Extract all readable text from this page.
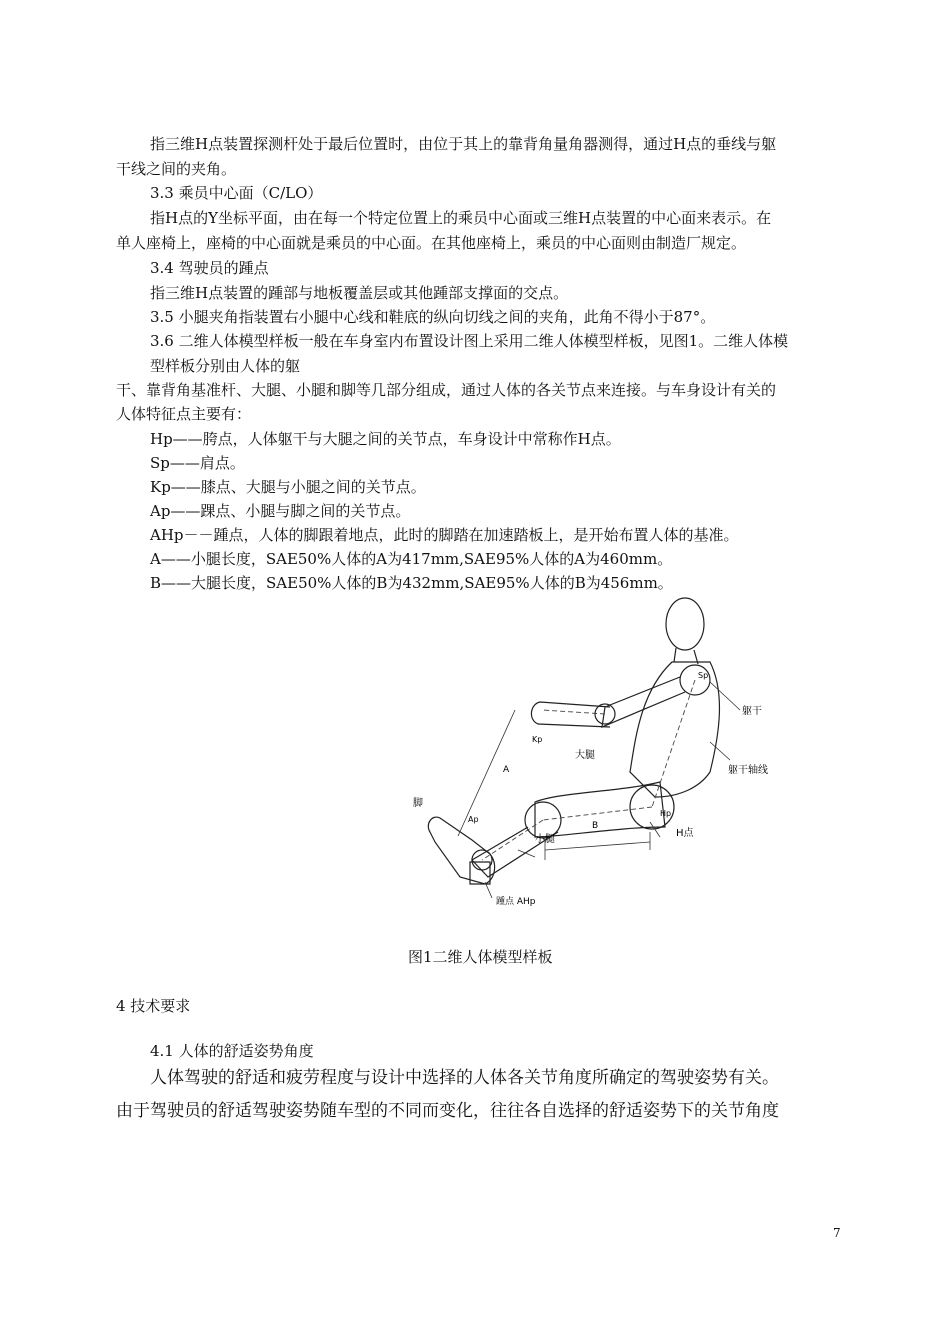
指三维H点装置探测杆处于最后位置时，由位于其上的靠背角量角器测得，通过H点的垂线与躯
干线之间的夹角。
3.3 乘员中心面（C/LO）
指H点的Y坐标平面，由在每一个特定位置上的乘员中心面或三维H点装置的中心面来表示。在
单人座椅上，座椅的中心面就是乘员的中心面。在其他座椅上，乘员的中心面则由制造厂规定。
3.4 驾驶员的踵点
指三维H点装置的踵部与地板覆盖层或其他踵部支撑面的交点。
3.5 小腿夹角指装置右小腿中心线和鞋底的纵向切线之间的夹角，此角不得小于87°。
3.6 二维人体模型样板一般在车身室内布置设计图上采用二维人体模型样板，见图1。二维人体模
型样板分别由人体的躯
干、靠背角基准杆、大腿、小腿和脚等几部分组成，通过人体的各关节点来连接。与车身设计有关的
人体特征点主要有：
Hp——胯点，人体躯干与大腿之间的关节点，车身设计中常称作H点。
Sp——肩点。
Kp——膝点、大腿与小腿之间的关节点。
Ap——踝点、小腿与脚之间的关节点。
AHp－－踵点，人体的脚跟着地点，此时的脚踏在加速踏板上，是开始布置人体的基准。
A——小腿长度，SAE50%人体的A为417mm,SAE95%人体的A为460mm。
B——大腿长度，SAE50%人体的B为432mm,SAE95%人体的B为456mm。
Sp
躯干
Kp
大腿
躯干轴线
A
脚
Ap
Hp
B
小腿
H点
踵点 AHp
图1二维人体模型样板
4 技术要求
4.1 人体的舒适姿势角度
人体驾驶的舒适和疲劳程度与设计中选择的人体各关节角度所确定的驾驶姿势有关。
由于驾驶员的舒适驾驶姿势随车型的不同而变化，往往各自选择的舒适姿势下的关节角度
7
